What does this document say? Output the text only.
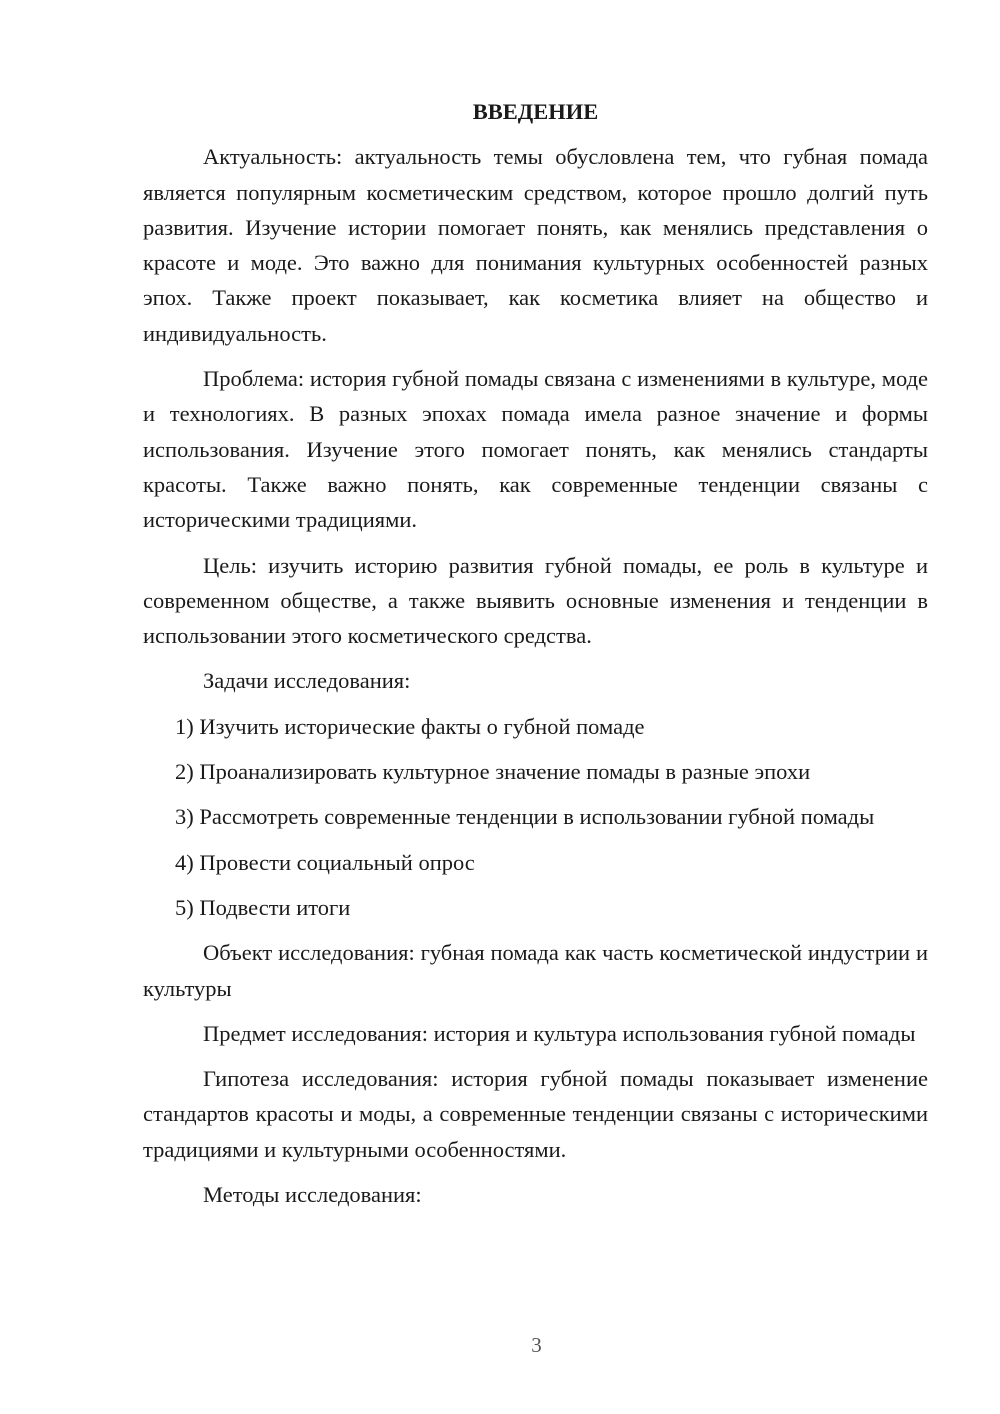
ВВЕДЕНИЕ

Актуальность: актуальность темы обусловлена тем, что губная помада является популярным косметическим средством, которое прошло долгий путь развития. Изучение истории помогает понять, как менялись представления о красоте и моде. Это важно для понимания культурных особенностей разных эпох. Также проект показывает, как косметика влияет на общество и индивидуальность.

Проблема: история губной помады связана с изменениями в культуре, моде и технологиях. В разных эпохах помада имела разное значение и формы использования. Изучение этого помогает понять, как менялись стандарты красоты. Также важно понять, как современные тенденции связаны с историческими традициями.

Цель: изучить историю развития губной помады, ее роль в культуре и современном обществе, а также выявить основные изменения и тенденции в использовании этого косметического средства.

Задачи исследования:

1) Изучить исторические факты о губной помаде

2) Проанализировать культурное значение помады в разные эпохи

3) Рассмотреть современные тенденции в использовании губной помады

4) Провести социальный опрос

5) Подвести итоги

Объект исследования: губная помада как часть косметической индустрии и культуры

Предмет исследования: история и культура использования губной помады

Гипотеза исследования: история губной помады показывает изменение стандартов красоты и моды, а современные тенденции связаны с историческими традициями и культурными особенностями.

Методы исследования:

3
